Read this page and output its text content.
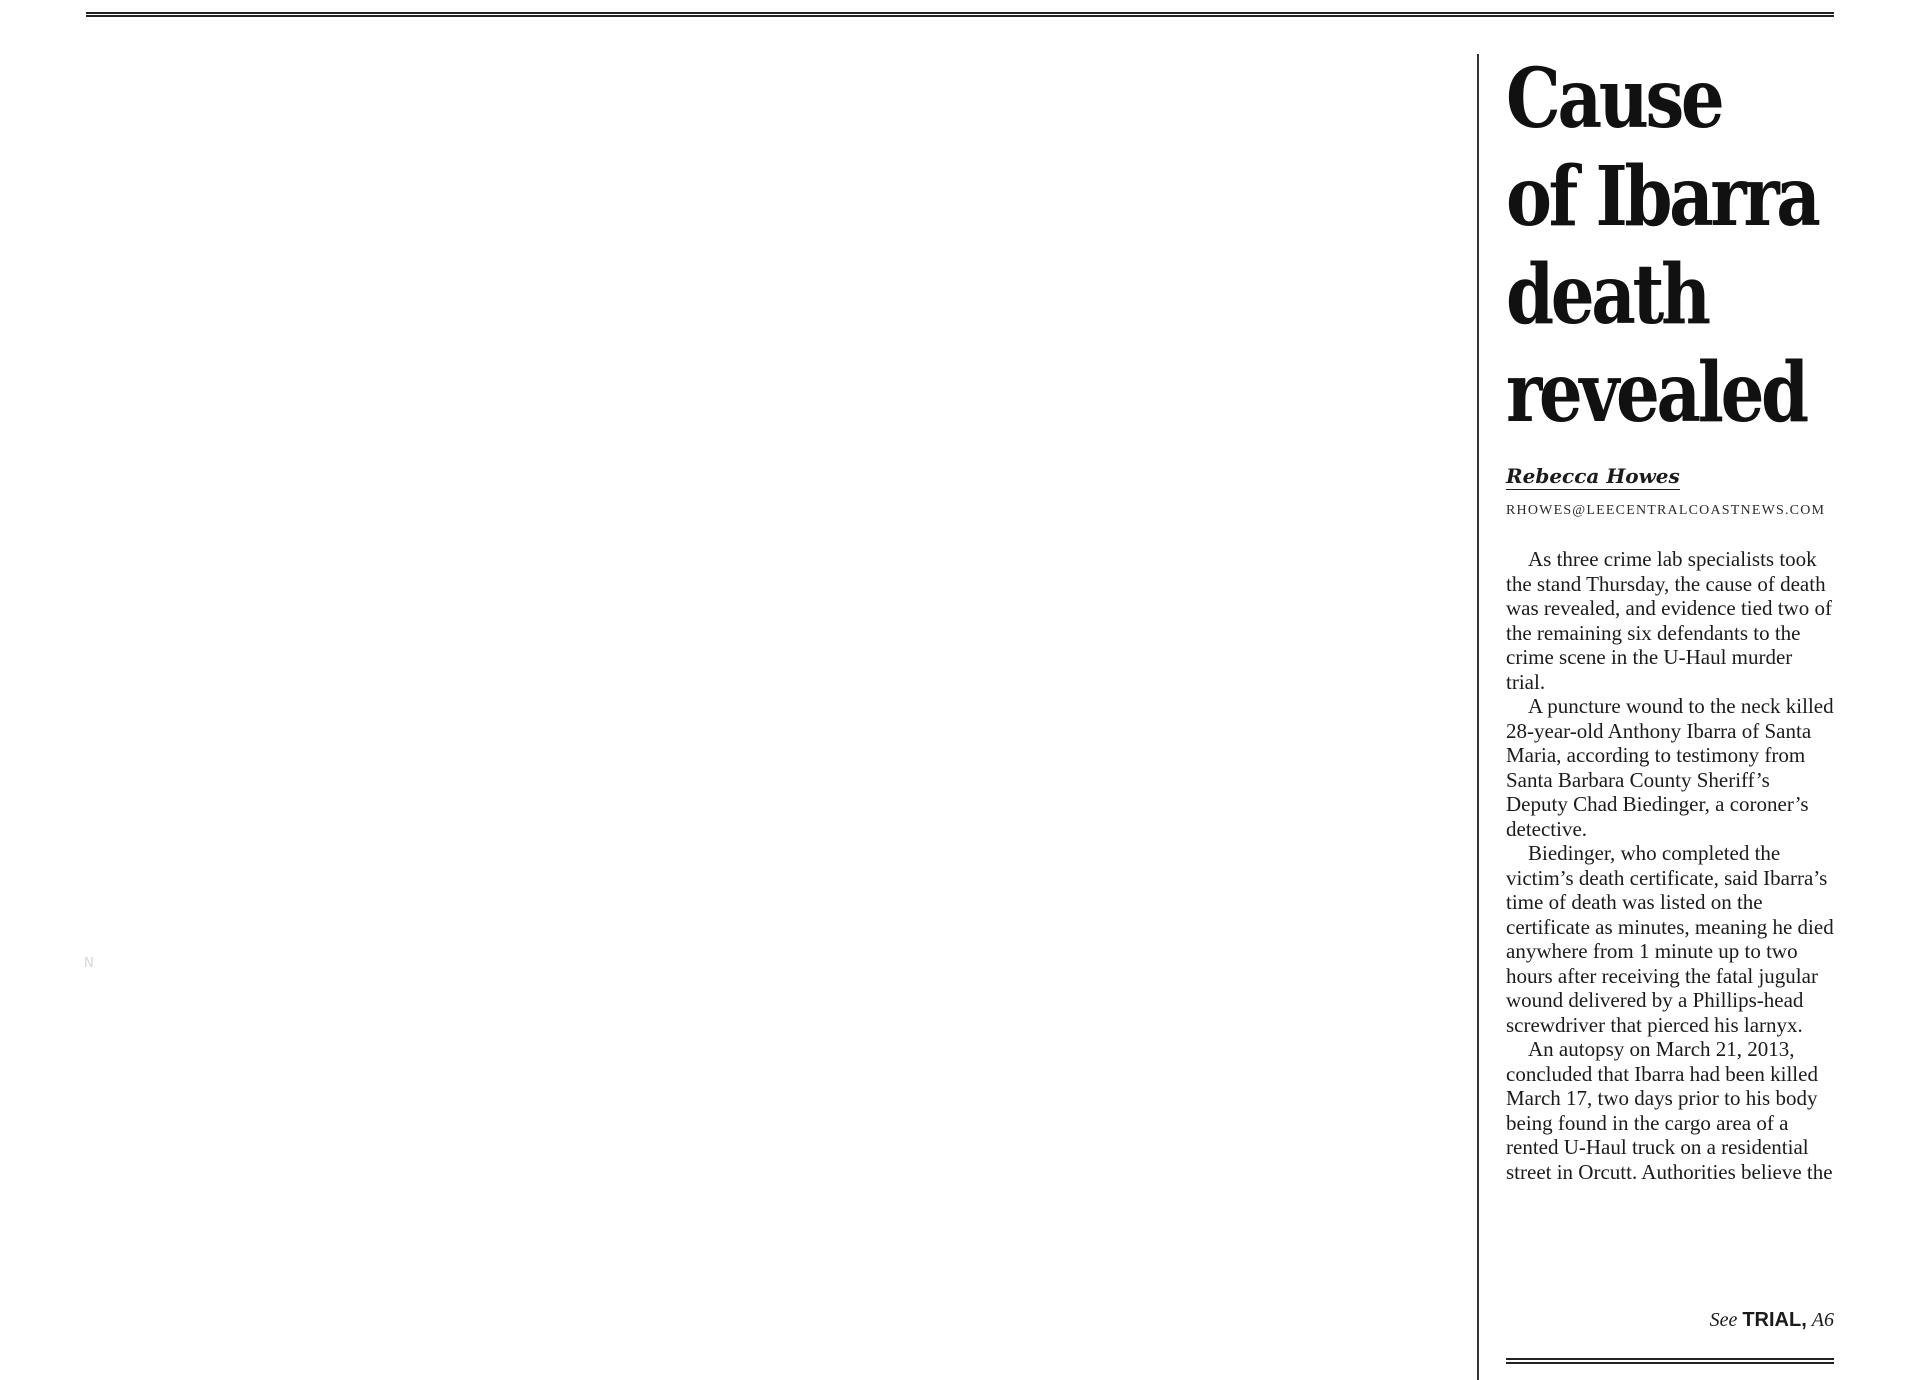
N
Cause
of Ibarra
death
revealed
Rebecca Howes
RHOWES@LEECENTRALCOASTNEWS.COM

As three crime lab specialists took the stand Thursday, the cause of death was revealed, and evidence tied two of the remaining six defendants to the crime scene in the U-Haul murder trial.

A puncture wound to the neck killed 28-year-old Anthony Ibarra of Santa Maria, according to testimony from Santa Barbara County Sheriff’s Deputy Chad Biedinger, a coroner’s detective.

Biedinger, who completed the victim’s death certificate, said Ibarra’s time of death was listed on the certificate as minutes, meaning he died anywhere from 1 minute up to two hours after receiving the fatal jugular wound delivered by a Phillips-head screwdriver that pierced his larnyx.

An autopsy on March 21, 2013, concluded that Ibarra had been killed March 17, two days prior to his body being found in the cargo area of a rented U-Haul truck on a residential street in Orcutt. Authorities believe the

See TRIAL, A6
